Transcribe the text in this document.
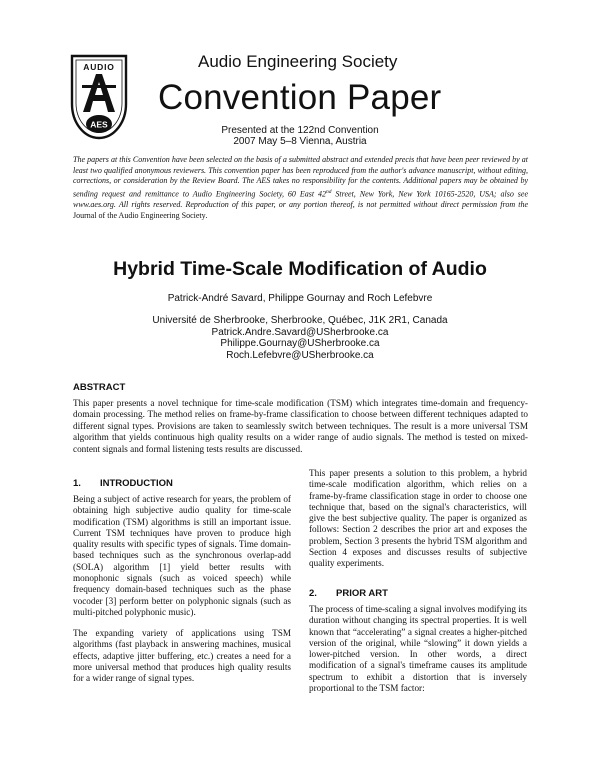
AUDIO
AES
Audio Engineering Society
Convention Paper
Presented at the 122nd Convention
2007 May 5–8 Vienna, Austria
The papers at this Convention have been selected on the basis of a submitted abstract and extended precis that have been peer reviewed by at least two qualified anonymous reviewers. This convention paper has been reproduced from the author's advance manuscript, without editing, corrections, or consideration by the Review Board. The AES takes no responsibility for the contents. Additional papers may be obtained by sending request and remittance to Audio Engineering Society, 60 East 42nd Street, New York, New York 10165-2520, USA; also see www.aes.org. All rights reserved. Reproduction of this paper, or any portion thereof, is not permitted without direct permission from the Journal of the Audio Engineering Society.
Hybrid Time-Scale Modification of Audio
Patrick-André Savard, Philippe Gournay and Roch Lefebvre
Université de Sherbrooke, Sherbrooke, Québec, J1K 2R1, Canada
Patrick.Andre.Savard@USherbrooke.ca
Philippe.Gournay@USherbrooke.ca
Roch.Lefebvre@USherbrooke.ca
ABSTRACT
This paper presents a novel technique for time-scale modification (TSM) which integrates time-domain and frequency-domain processing. The method relies on frame-by-frame classification to choose between different techniques adapted to different signal types. Provisions are taken to seamlessly switch between techniques. The result is a more universal TSM algorithm that yields continuous high quality results on a wider range of audio signals. The method is tested on mixed-content signals and formal listening tests results are discussed.
1. INTRODUCTION
Being a subject of active research for years, the problem of obtaining high subjective audio quality for time-scale modification (TSM) algorithms is still an important issue. Current TSM techniques have proven to produce high quality results with specific types of signals. Time domain-based techniques such as the synchronous overlap-add (SOLA) algorithm [1] yield better results with monophonic signals (such as voiced speech) while frequency domain-based techniques such as the phase vocoder [3] perform better on polyphonic signals (such as multi-pitched polyphonic music).
The expanding variety of applications using TSM algorithms (fast playback in answering machines, musical effects, adaptive jitter buffering, etc.) creates a need for a more universal method that produces high quality results for a wider range of signal types.
This paper presents a solution to this problem, a hybrid time-scale modification algorithm, which relies on a frame-by-frame classification stage in order to choose one technique that, based on the signal's characteristics, will give the best subjective quality. The paper is organized as follows: Section 2 describes the prior art and exposes the problem, Section 3 presents the hybrid TSM algorithm and Section 4 exposes and discusses results of subjective quality experiments.
2. PRIOR ART
The process of time-scaling a signal involves modifying its duration without changing its spectral properties. It is well known that “accelerating” a signal creates a higher-pitched version of the original, while “slowing” it down yields a lower-pitched version. In other words, a direct modification of a signal's timeframe causes its amplitude spectrum to exhibit a distortion that is inversely proportional to the TSM factor:
